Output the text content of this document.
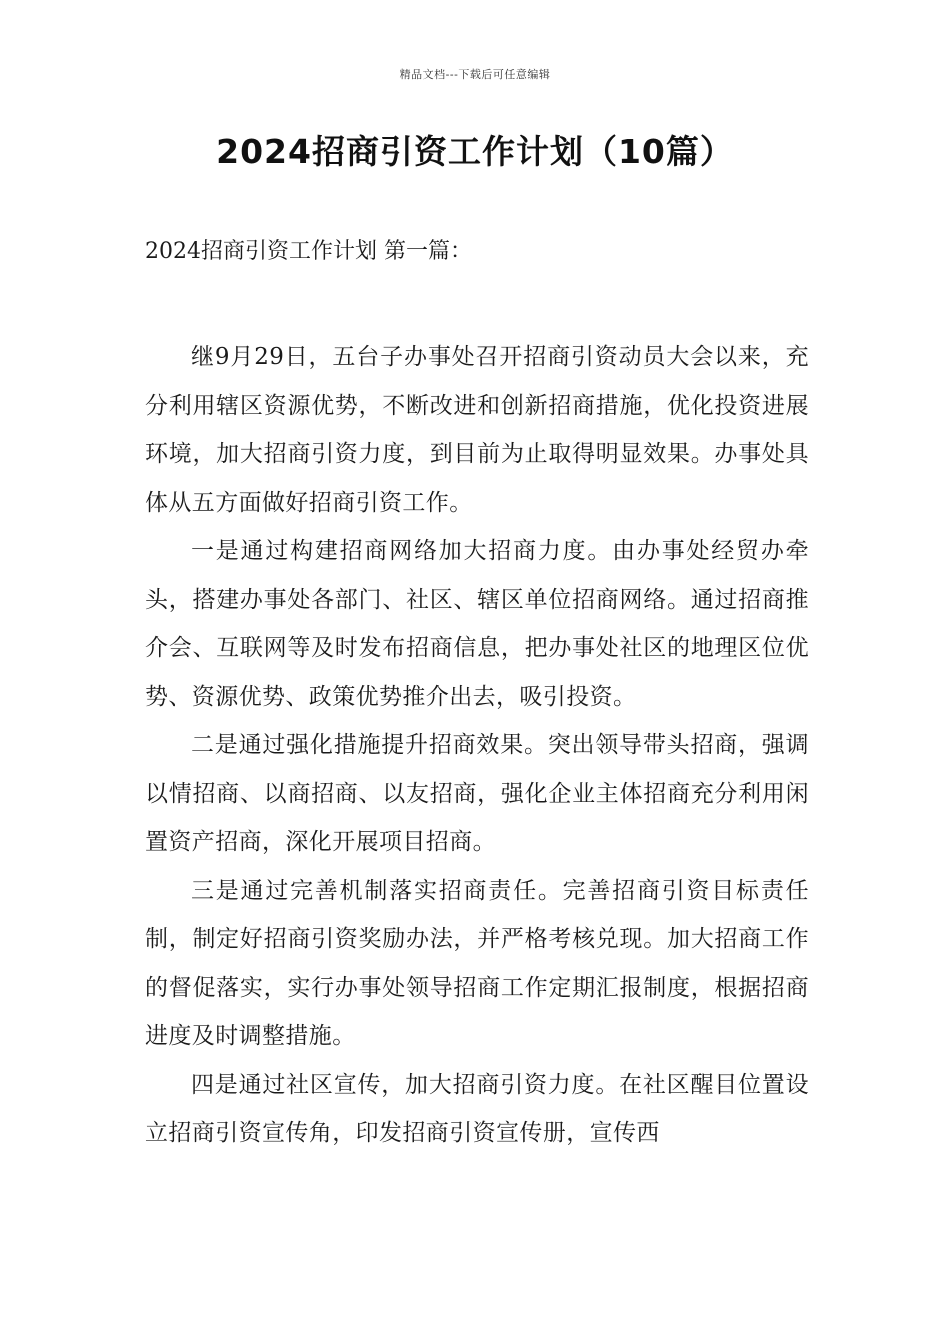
精品文档---下载后可任意编辑
2024招商引资工作计划（10篇）
2024招商引资工作计划 第一篇：

继9月29日，五台子办事处召开招商引资动员大会以来，充分利用辖区资源优势，不断改进和创新招商措施，优化投资进展环境，加大招商引资力度，到目前为止取得明显效果。办事处具体从五方面做好招商引资工作。

一是通过构建招商网络加大招商力度。由办事处经贸办牵头，搭建办事处各部门、社区、辖区单位招商网络。通过招商推介会、互联网等及时发布招商信息，把办事处社区的地理区位优势、资源优势、政策优势推介出去，吸引投资。

二是通过强化措施提升招商效果。突出领导带头招商，强调以情招商、以商招商、以友招商，强化企业主体招商充分利用闲置资产招商，深化开展项目招商。

三是通过完善机制落实招商责任。完善招商引资目标责任制，制定好招商引资奖励办法，并严格考核兑现。加大招商工作的督促落实，实行办事处领导招商工作定期汇报制度，根据招商进度及时调整措施。

四是通过社区宣传，加大招商引资力度。在社区醒目位置设立招商引资宣传角，印发招商引资宣传册，宣传西
